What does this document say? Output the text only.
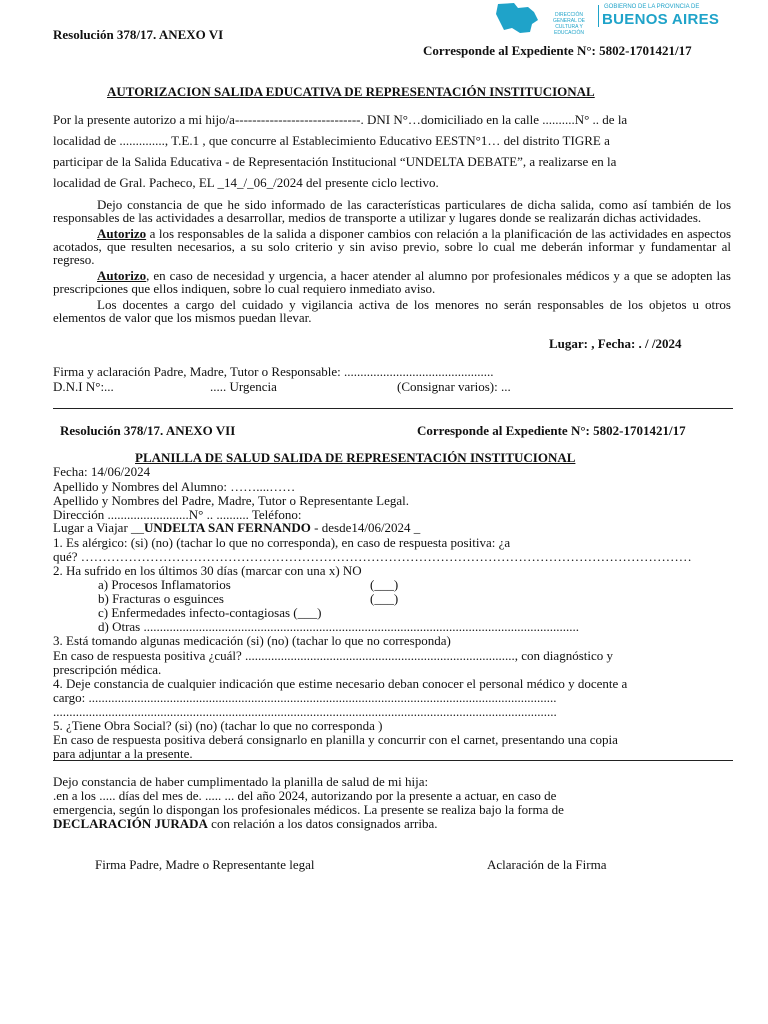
DIRECCIÓN GENERAL DE CULTURA Y EDUCACIÓN
GOBIERNO DE LA PROVINCIA DE
BUENOS AIRES
Resolución 378/17. ANEXO VI
Corresponde al Expediente N°: 5802-1701421/17
AUTORIZACION SALIDA EDUCATIVA DE REPRESENTACIÓN INSTITUCIONAL
Por la presente autorizo a mi hijo/a-----------------------------. DNI N°…domiciliado en la calle ..........N° .. de la
localidad de .............., T.E.1 , que concurre al Establecimiento Educativo EESTN°1… del distrito TIGRE a
participar de la Salida Educativa - de Representación Institucional “UNDELTA DEBATE”, a realizarse en la
localidad de Gral. Pacheco, EL _14_/_06_/2024 del presente ciclo lectivo.

Dejo constancia de que he sido informado de las características particulares de dicha salida, como así también de los responsables de las actividades a desarrollar, medios de transporte a utilizar y lugares donde se realizarán dichas actividades.

Autorizo a los responsables de la salida a disponer cambios con relación a la planificación de las actividades en aspectos acotados, que resulten necesarios, a su solo criterio y sin aviso previo, sobre lo cual me deberán informar y fundamentar al regreso.

Autorizo, en caso de necesidad y urgencia, a hacer atender al alumno por profesionales médicos y a que se adopten las prescripciones que ellos indiquen, sobre lo cual requiero inmediato aviso.

Los docentes a cargo del cuidado y vigilancia activa de los menores no serán responsables de los objetos u otros elementos de valor que los mismos puedan llevar.

Lugar: , Fecha: . / /2024
Firma y aclaración Padre, Madre, Tutor o Responsable: ..............................................
D.N.I N°:...	..... Urgencia	(Consignar varios): ...
Resolución 378/17. ANEXO VII	Corresponde al Expediente N°: 5802-1701421/17
PLANILLA DE SALUD SALIDA DE REPRESENTACIÓN INSTITUCIONAL
Fecha: 14/06/2024
Apellido y Nombres del Alumno: ……....……
Apellido y Nombres del Padre, Madre, Tutor o Representante Legal.
Dirección .........................N° .. .......... Teléfono:
Lugar a Viajar __UNDELTA SAN FERNANDO - desde14/06/2024 _
1. Es alérgico: (si) (no) (tachar lo que no corresponda), en caso de respuesta positiva: ¿a
qué? ……………………………………………………………………………………………………………………………
2. Ha sufrido en los últimos 30 días (marcar con una x) NO
a) Procesos Inflamatorios	(___)
b) Fracturas o esguinces	(___)
c) Enfermedades infecto-contagiosas (___)
d) Otras ......................................................................................................................................
3. Está tomando algunas medicación (si) (no) (tachar lo que no corresponda)
En caso de respuesta positiva ¿cuál? ..................................................................................., con diagnóstico y
prescripción médica.
4. Deje constancia de cualquier indicación que estime necesario deban conocer el personal médico y docente a
cargo: ................................................................................................................................................
...........................................................................................................................................................
5. ¿Tiene Obra Social? (si) (no) (tachar lo que no corresponda )
En caso de respuesta positiva deberá consignarlo en planilla y concurrir con el carnet, presentando una copia
para adjuntar a la presente.
Dejo constancia de haber cumplimentado la planilla de salud de mi hija:
.en a los ..... días del mes de. ..... ... del año 2024, autorizando por la presente a actuar, en caso de
emergencia, según lo dispongan los profesionales médicos. La presente se realiza bajo la forma de
DECLARACIÓN JURADA con relación a los datos consignados arriba.
Firma Padre, Madre o Representante legal	Aclaración de la Firma
